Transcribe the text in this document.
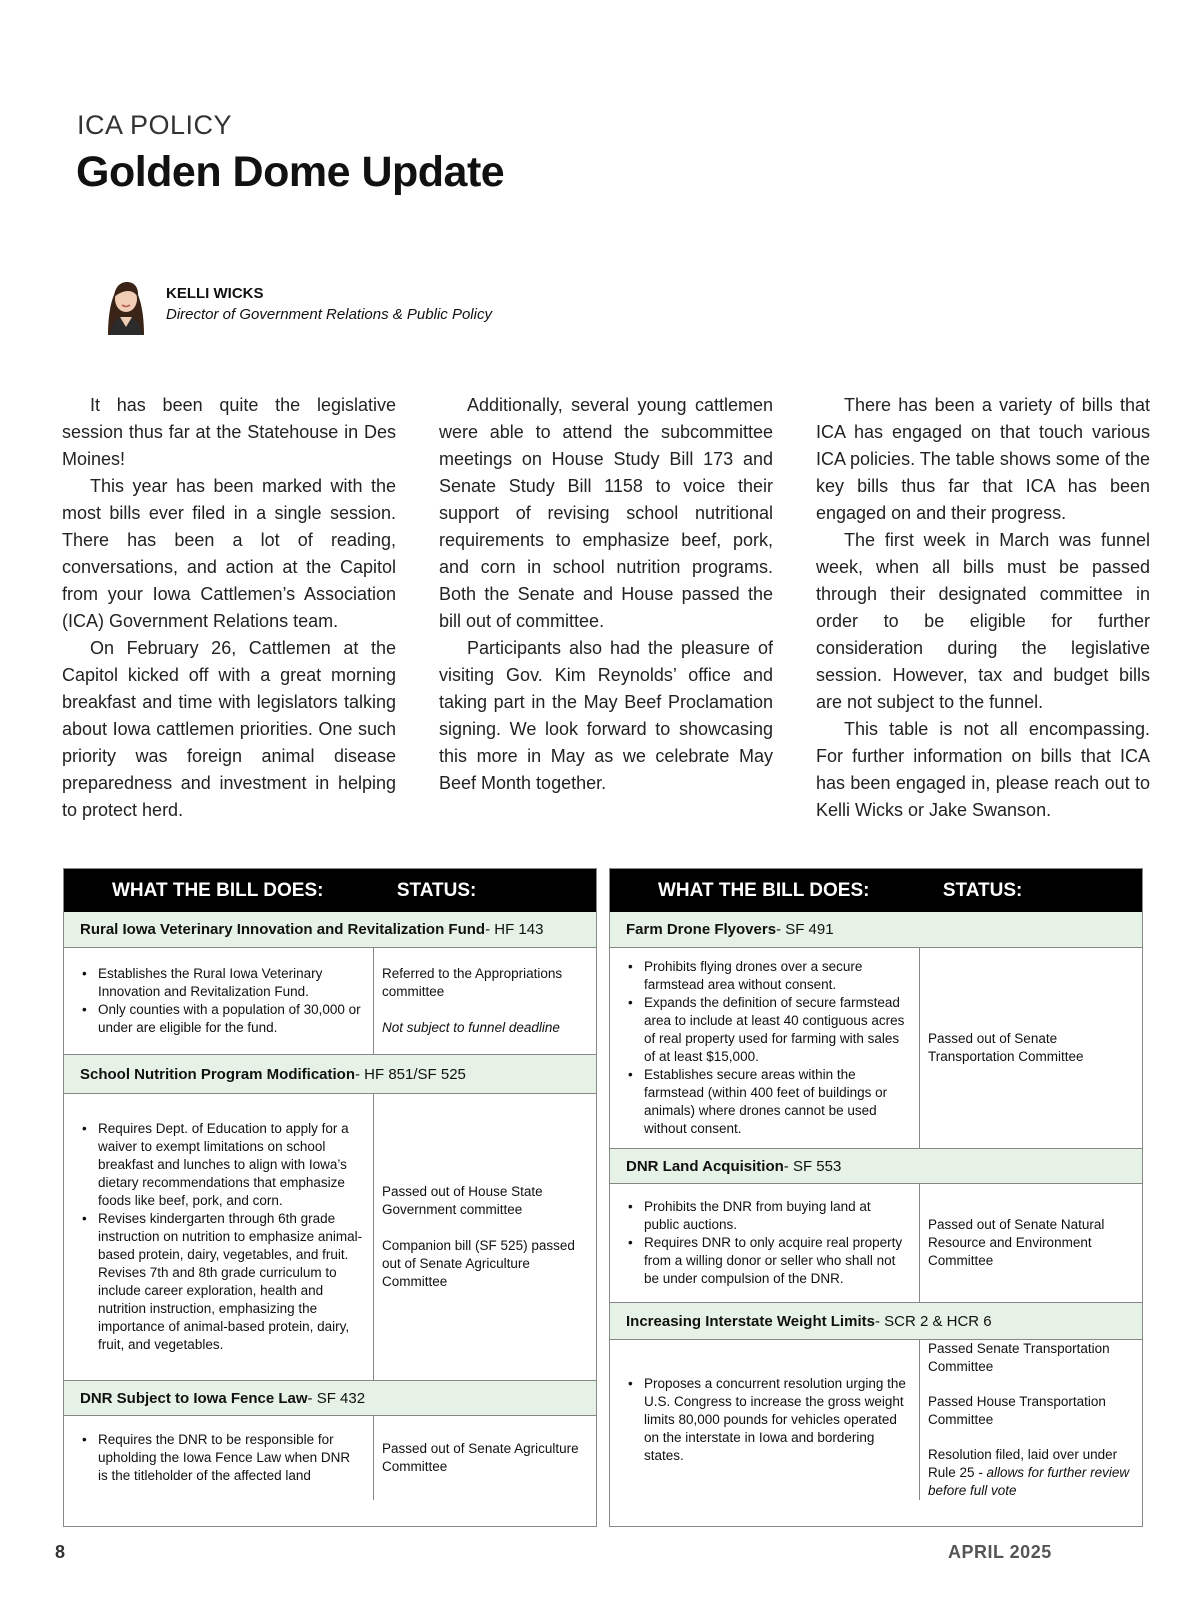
ICA POLICY
Golden Dome Update
KELLI WICKS
Director of Government Relations & Public Policy

It has been quite the legislative session thus far at the Statehouse in Des Moines!

This year has been marked with the most bills ever filed in a single session. There has been a lot of reading, conversations, and action at the Capitol from your Iowa Cattlemen’s Association (ICA) Government Relations team.

On February 26, Cattlemen at the Capitol kicked off with a great morning breakfast and time with legislators talking about Iowa cattlemen priorities. One such priority was foreign animal disease preparedness and investment in helping to protect herd.

Additionally, several young cattlemen were able to attend the subcommittee meetings on House Study Bill 173 and Senate Study Bill 1158 to voice their support of revising school nutritional requirements to emphasize beef, pork, and corn in school nutrition programs. Both the Senate and House passed the bill out of committee.

Participants also had the pleasure of visiting Gov. Kim Reynolds’ office and taking part in the May Beef Proclamation signing. We look forward to showcasing this more in May as we celebrate May Beef Month together.

There has been a variety of bills that ICA has engaged on that touch various ICA policies. The table shows some of the key bills thus far that ICA has been engaged on and their progress.

The first week in March was funnel week, when all bills must be passed through their designated committee in order to be eligible for further consideration during the legislative session. However, tax and budget bills are not subject to the funnel.

This table is not all encompassing. For further information on bills that ICA has been engaged in, please reach out to Kelli Wicks or Jake Swanson.

WHAT THE BILL DOES:	STATUS:
Rural Iowa Veterinary Innovation and Revitalization Fund - HF 143
• Establishes the Rural Iowa Veterinary Innovation and Revitalization Fund.
• Only counties with a population of 30,000 or under are eligible for the fund.
Referred to the Appropriations committee
Not subject to funnel deadline
School Nutrition Program Modification - HF 851/SF 525
• Requires Dept. of Education to apply for a waiver to exempt limitations on school breakfast and lunches to align with Iowa’s dietary recommendations that emphasize foods like beef, pork, and corn.
• Revises kindergarten through 6th grade instruction on nutrition to emphasize animal-based protein, dairy, vegetables, and fruit. Revises 7th and 8th grade curriculum to include career exploration, health and nutrition instruction, emphasizing the importance of animal-based protein, dairy, fruit, and vegetables.
Passed out of House State Government committee
Companion bill (SF 525) passed out of Senate Agriculture Committee
DNR Subject to Iowa Fence Law - SF 432
• Requires the DNR to be responsible for upholding the Iowa Fence Law when DNR is the titleholder of the affected land
Passed out of Senate Agriculture Committee
WHAT THE BILL DOES:	STATUS:
Farm Drone Flyovers - SF 491
• Prohibits flying drones over a secure farmstead area without consent.
• Expands the definition of secure farmstead area to include at least 40 contiguous acres of real property used for farming with sales of at least $15,000.
• Establishes secure areas within the farmstead (within 400 feet of buildings or animals) where drones cannot be used without consent.
Passed out of Senate Transportation Committee
DNR Land Acquisition - SF 553
• Prohibits the DNR from buying land at public auctions.
• Requires DNR to only acquire real property from a willing donor or seller who shall not be under compulsion of the DNR.
Passed out of Senate Natural Resource and Environment Committee
Increasing Interstate Weight Limits - SCR 2 & HCR 6
• Proposes a concurrent resolution urging the U.S. Congress to increase the gross weight limits 80,000 pounds for vehicles operated on the interstate in Iowa and bordering states.
Passed Senate Transportation Committee
Passed House Transportation Committee
Resolution filed, laid over under Rule 25 - allows for further review before full vote
8	APRIL 2025
